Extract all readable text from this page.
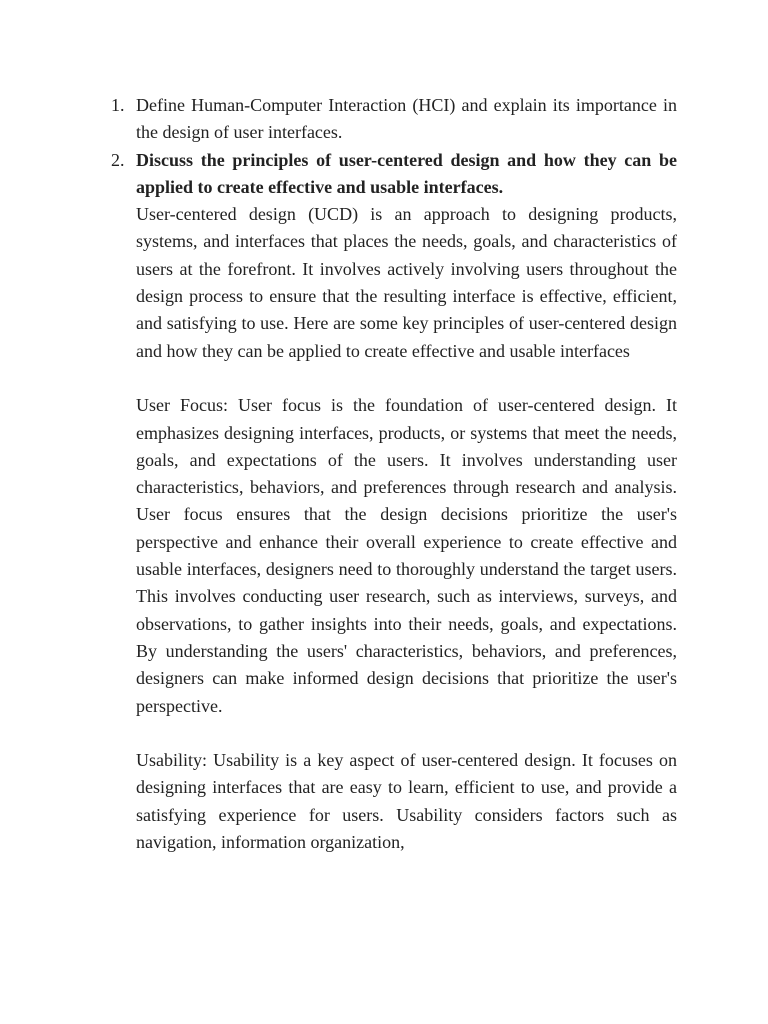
1. Define Human-Computer Interaction (HCI) and explain its importance in the design of user interfaces.

2. Discuss the principles of user-centered design and how they can be applied to create effective and usable interfaces.

User-centered design (UCD) is an approach to designing products, systems, and interfaces that places the needs, goals, and characteristics of users at the forefront. It involves actively involving users throughout the design process to ensure that the resulting interface is effective, efficient, and satisfying to use. Here are some key principles of user-centered design and how they can be applied to create effective and usable interfaces

User Focus: User focus is the foundation of user-centered design. It emphasizes designing interfaces, products, or systems that meet the needs, goals, and expectations of the users. It involves understanding user characteristics, behaviors, and preferences through research and analysis. User focus ensures that the design decisions prioritize the user's perspective and enhance their overall experience to create effective and usable interfaces, designers need to thoroughly understand the target users. This involves conducting user research, such as interviews, surveys, and observations, to gather insights into their needs, goals, and expectations. By understanding the users' characteristics, behaviors, and preferences, designers can make informed design decisions that prioritize the user's perspective.

Usability: Usability is a key aspect of user-centered design. It focuses on designing interfaces that are easy to learn, efficient to use, and provide a satisfying experience for users. Usability considers factors such as navigation, information organization,
